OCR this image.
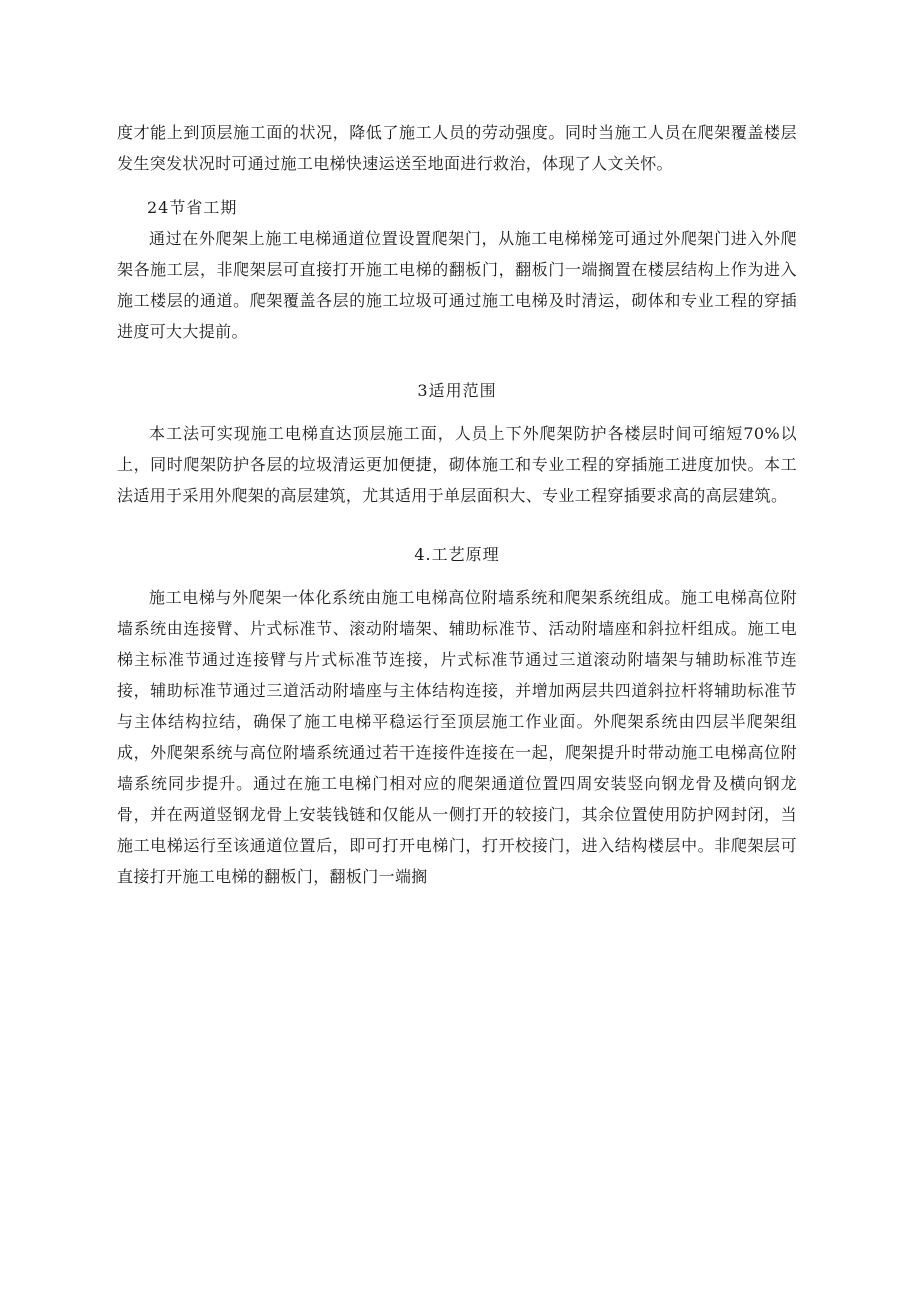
度才能上到顶层施工面的状况，降低了施工人员的劳动强度。同时当施工人员在爬架覆盖楼层发生突发状况时可通过施工电梯快速运送至地面进行救治，体现了人文关怀。

24节省工期

通过在外爬架上施工电梯通道位置设置爬架门，从施工电梯梯笼可通过外爬架门进入外爬架各施工层，非爬架层可直接打开施工电梯的翻板门，翻板门一端搁置在楼层结构上作为进入施工楼层的通道。爬架覆盖各层的施工垃圾可通过施工电梯及时清运，砌体和专业工程的穿插进度可大大提前。

3适用范围

本工法可实现施工电梯直达顶层施工面，人员上下外爬架防护各楼层时间可缩短70%以上，同时爬架防护各层的垃圾清运更加便捷，砌体施工和专业工程的穿插施工进度加快。本工法适用于采用外爬架的高层建筑，尤其适用于单层面积大、专业工程穿插要求高的高层建筑。

4.工艺原理

施工电梯与外爬架一体化系统由施工电梯高位附墙系统和爬架系统组成。施工电梯高位附墙系统由连接臂、片式标准节、滚动附墙架、辅助标准节、活动附墙座和斜拉杆组成。施工电梯主标准节通过连接臂与片式标准节连接，片式标准节通过三道滚动附墙架与辅助标准节连接，辅助标准节通过三道活动附墙座与主体结构连接，并增加两层共四道斜拉杆将辅助标准节与主体结构拉结，确保了施工电梯平稳运行至顶层施工作业面。外爬架系统由四层半爬架组成，外爬架系统与高位附墙系统通过若干连接件连接在一起，爬架提升时带动施工电梯高位附墙系统同步提升。通过在施工电梯门相对应的爬架通道位置四周安装竖向钢龙骨及横向钢龙骨，并在两道竖钢龙骨上安装钱链和仅能从一侧打开的较接门，其余位置使用防护网封闭，当施工电梯运行至该通道位置后，即可打开电梯门，打开校接门，进入结构楼层中。非爬架层可直接打开施工电梯的翻板门，翻板门一端搁
